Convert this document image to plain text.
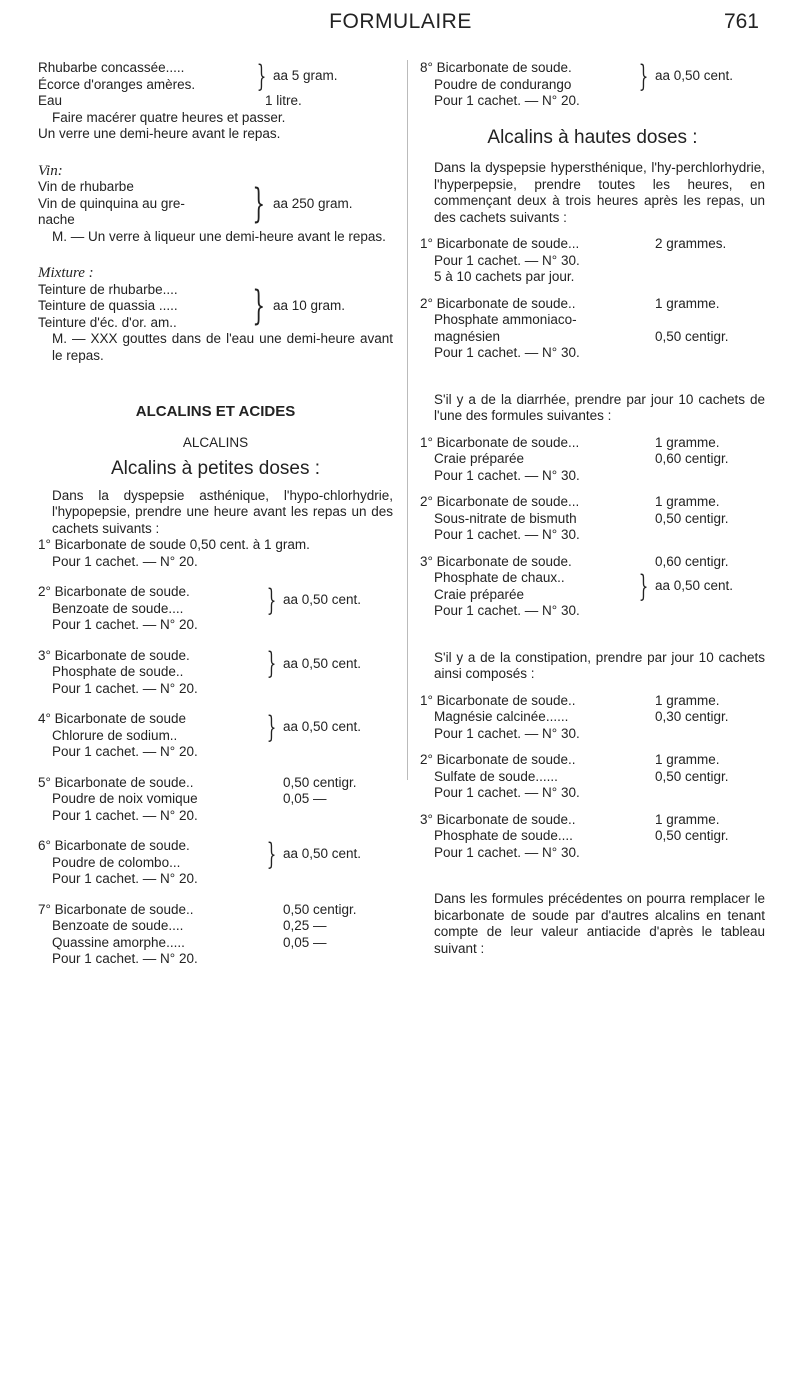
FORMULAIRE	761
Rhubarbe concassée.....
Écorce d'oranges amères.	} aa 5 gram.
Eau	1 litre.

Faire macérer quatre heures et passer.

Un verre une demi-heure avant le repas.

Vin:
Vin de rhubarbe
Vin de quinquina au gre-
nache	} aa 250 gram.

M. — Un verre à liqueur une demi-heure avant le repas.

Mixture :
Teinture de rhubarbe....
Teinture de quassia .....
Teinture d'éc. d'or. am..	} aa 10 gram.

M. — XXX gouttes dans de l'eau une demi-heure avant le repas.

ALCALINS ET ACIDES

ALCALINS

Alcalins à petites doses :

Dans la dyspepsie asthénique, l'hypo-chlorhydrie, l'hypopepsie, prendre une heure avant les repas un des cachets suivants :

1° Bicarbonate de soude 0,50 cent. à 1 gram.
Pour 1 cachet. — N° 20.
2° Bicarbonate de soude.
Benzoate de soude....	} aa 0,50 cent.
Pour 1 cachet. — N° 20.
3° Bicarbonate de soude.
Phosphate de soude..	} aa 0,50 cent.
Pour 1 cachet. — N° 20.
4° Bicarbonate de soude
Chlorure de sodium..	} aa 0,50 cent.
Pour 1 cachet. — N° 20.
5° Bicarbonate de soude..	0,50 centigr.
Poudre de noix vomique	0,05 —
Pour 1 cachet. — N° 20.
6° Bicarbonate de soude.
Poudre de colombo...	} aa 0,50 cent.
Pour 1 cachet. — N° 20.
7° Bicarbonate de soude..	0,50 centigr.
Benzoate de soude....	0,25 —
Quassine amorphe.....	0,05 —
Pour 1 cachet. — N° 20.
8° Bicarbonate de soude.
Poudre de condurango	} aa 0,50 cent.
Pour 1 cachet. — N° 20.

Alcalins à hautes doses :

Dans la dyspepsie hypersthénique, l'hy-perchlorhydrie, l'hyperpepsie, prendre toutes les heures, en commençant deux à trois heures après les repas, un des cachets suivants :

1° Bicarbonate de soude...	2 grammes.
Pour 1 cachet. — N° 30.
5 à 10 cachets par jour.
2° Bicarbonate de soude..	1 gramme.
Phosphate ammoniaco-
magnésien	0,50 centigr.
Pour 1 cachet. — N° 30.

S'il y a de la diarrhée, prendre par jour 10 cachets de l'une des formules suivantes :

1° Bicarbonate de soude...	1 gramme.
Craie préparée	0,60 centigr.
Pour 1 cachet. — N° 30.
2° Bicarbonate de soude...	1 gramme.
Sous-nitrate de bismuth	0,50 centigr.
Pour 1 cachet. — N° 30.
3° Bicarbonate de soude.	0,60 centigr.
Phosphate de chaux..
Craie préparée	} aa 0,50 cent.
Pour 1 cachet. — N° 30.

S'il y a de la constipation, prendre par jour 10 cachets ainsi composés :

1° Bicarbonate de soude..	1 gramme.
Magnésie calcinée......	0,30 centigr.
Pour 1 cachet. — N° 30.
2° Bicarbonate de soude..	1 gramme.
Sulfate de soude......	0,50 centigr.
Pour 1 cachet. — N° 30.
3° Bicarbonate de soude..	1 gramme.
Phosphate de soude....	0,50 centigr.
Pour 1 cachet. — N° 30.

Dans les formules précédentes on pourra remplacer le bicarbonate de soude par d'autres alcalins en tenant compte de leur valeur antiacide d'après le tableau suivant :
